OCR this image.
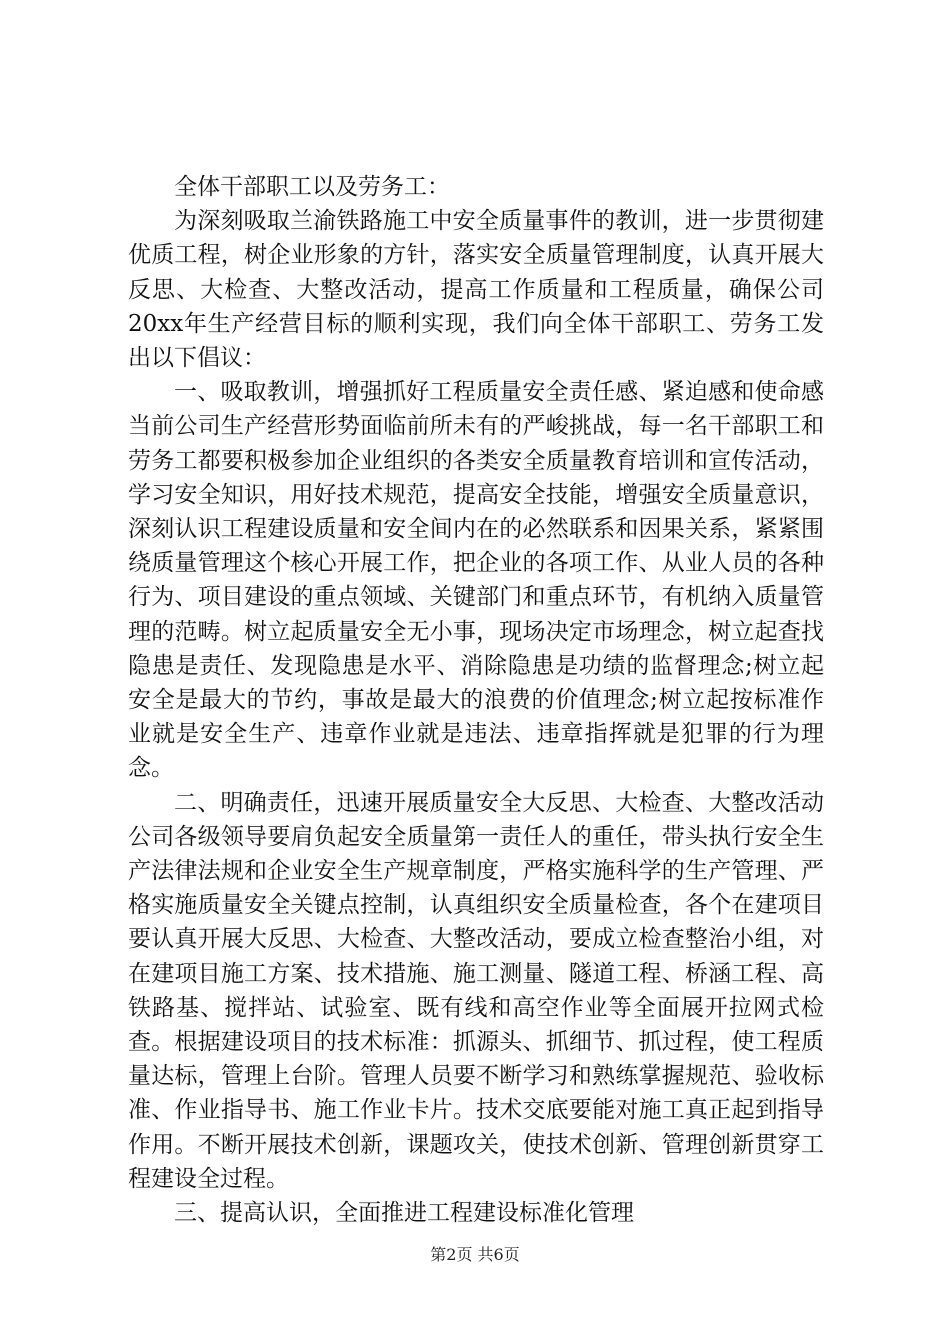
全体干部职工以及劳务工：

为深刻吸取兰渝铁路施工中安全质量事件的教训，进一步贯彻建优质工程，树企业形象的方针，落实安全质量管理制度，认真开展大反思、大检查、大整改活动，提高工作质量和工程质量，确保公司20xx年生产经营目标的顺利实现，我们向全体干部职工、劳务工发出以下倡议：

一、吸取教训，增强抓好工程质量安全责任感、紧迫感和使命感当前公司生产经营形势面临前所未有的严峻挑战，每一名干部职工和劳务工都要积极参加企业组织的各类安全质量教育培训和宣传活动，学习安全知识，用好技术规范，提高安全技能，增强安全质量意识，深刻认识工程建设质量和安全间内在的必然联系和因果关系，紧紧围绕质量管理这个核心开展工作，把企业的各项工作、从业人员的各种行为、项目建设的重点领域、关键部门和重点环节，有机纳入质量管理的范畴。树立起质量安全无小事，现场决定市场理念，树立起查找隐患是责任、发现隐患是水平、消除隐患是功绩的监督理念;树立起安全是最大的节约，事故是最大的浪费的价值理念;树立起按标准作业就是安全生产、违章作业就是违法、违章指挥就是犯罪的行为理念。

二、明确责任，迅速开展质量安全大反思、大检查、大整改活动公司各级领导要肩负起安全质量第一责任人的重任，带头执行安全生产法律法规和企业安全生产规章制度，严格实施科学的生产管理、严格实施质量安全关键点控制，认真组织安全质量检查，各个在建项目要认真开展大反思、大检查、大整改活动，要成立检查整治小组，对在建项目施工方案、技术措施、施工测量、隧道工程、桥涵工程、高铁路基、搅拌站、试验室、既有线和高空作业等全面展开拉网式检查。根据建设项目的技术标准：抓源头、抓细节、抓过程，使工程质量达标，管理上台阶。管理人员要不断学习和熟练掌握规范、验收标准、作业指导书、施工作业卡片。技术交底要能对施工真正起到指导作用。不断开展技术创新，课题攻关，使技术创新、管理创新贯穿工程建设全过程。

三、提高认识，全面推进工程建设标准化管理

第2页 共6页
